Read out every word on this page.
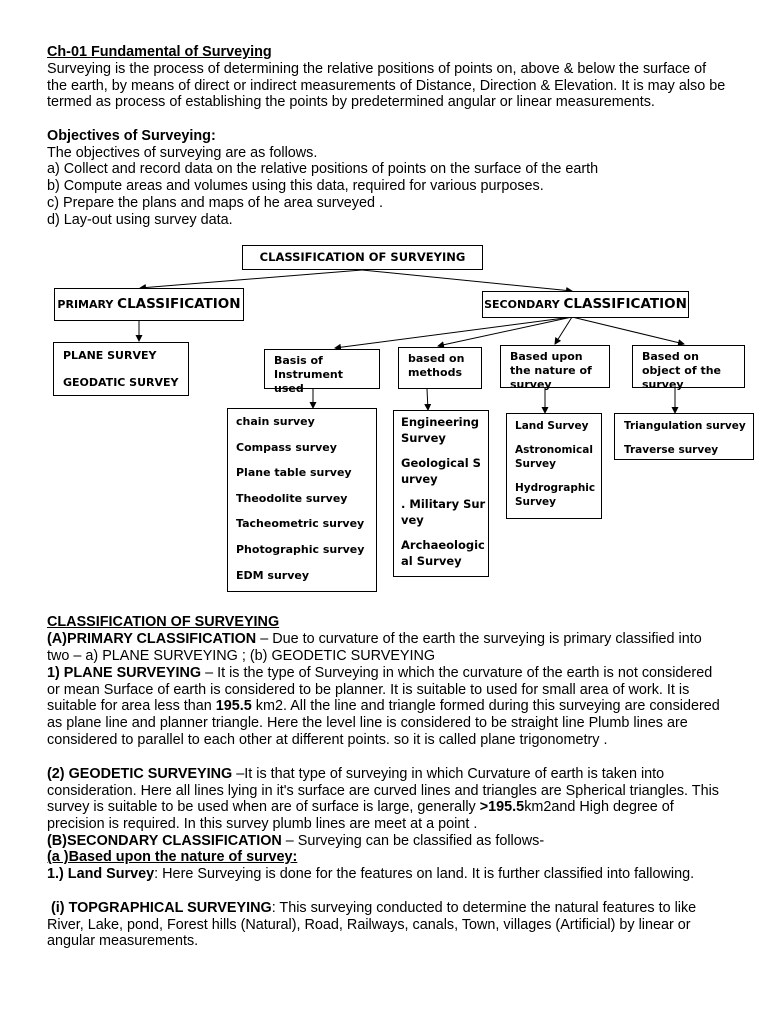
Ch-01 Fundamental of Surveying

Surveying is the process of determining the relative positions of points on, above & below the surface of the earth, by means of direct or indirect measurements of Distance, Direction & Elevation. It is may also be termed as process of establishing the points by predetermined angular or linear measurements.

Objectives of Surveying:

The objectives of surveying are as follows.

a) Collect and record data on the relative positions of points on the surface of the earth

b) Compute areas and volumes using this data, required for various purposes.

c) Prepare the plans and maps of he area surveyed .

d) Lay-out using survey data.

CLASSIFICATION OF SURVEYING
PRIMARY CLASSIFICATION	SECONDARY CLASSIFICATION
PLANE SURVEY
GEODATIC SURVEY
Basis of Instrument used
based on methods
Based upon the nature of survey
Based on object of the survey
chain survey
Compass survey
Plane table survey
Theodolite survey
Tacheometric survey
Photographic survey
EDM survey
Engineering Survey
Geological Survey
. Military Survey
Archaeological Survey
Land Survey
Astronomical Survey
Hydrographic Survey
Triangulation survey
Traverse survey

CLASSIFICATION OF SURVEYING

(A)PRIMARY CLASSIFICATION – Due to curvature of the earth the surveying is primary classified into two – a) PLANE SURVEYING ; (b) GEODETIC SURVEYING

1) PLANE SURVEYING – It is the type of Surveying in which the curvature of the earth is not considered or mean Surface of earth is considered to be planner. It is suitable to used for small area of work. It is suitable for area less than 195.5 km2. All the line and triangle formed during this surveying are considered as plane line and planner triangle. Here the level line is considered to be straight line Plumb lines are considered to parallel to each other at different points. so it is called plane trigonometry .

(2) GEODETIC SURVEYING –It is that type of surveying in which Curvature of earth is taken into consideration. Here all lines lying in it's surface are curved lines and triangles are Spherical triangles. This survey is suitable to be used when are of surface is large, generally >195.5km2and High degree of precision is required. In this survey plumb lines are meet at a point .

(B)SECONDARY CLASSIFICATION – Surveying can be classified as follows-

(a )Based upon the nature of survey:

1.) Land Survey: Here Surveying is done for the features on land. It is further classified into fallowing.

(i) TOPGRAPHICAL SURVEYING: This surveying conducted to determine the natural features to like River, Lake, pond, Forest hills (Natural), Road, Railways, canals, Town, villages (Artificial) by linear or angular measurements.
